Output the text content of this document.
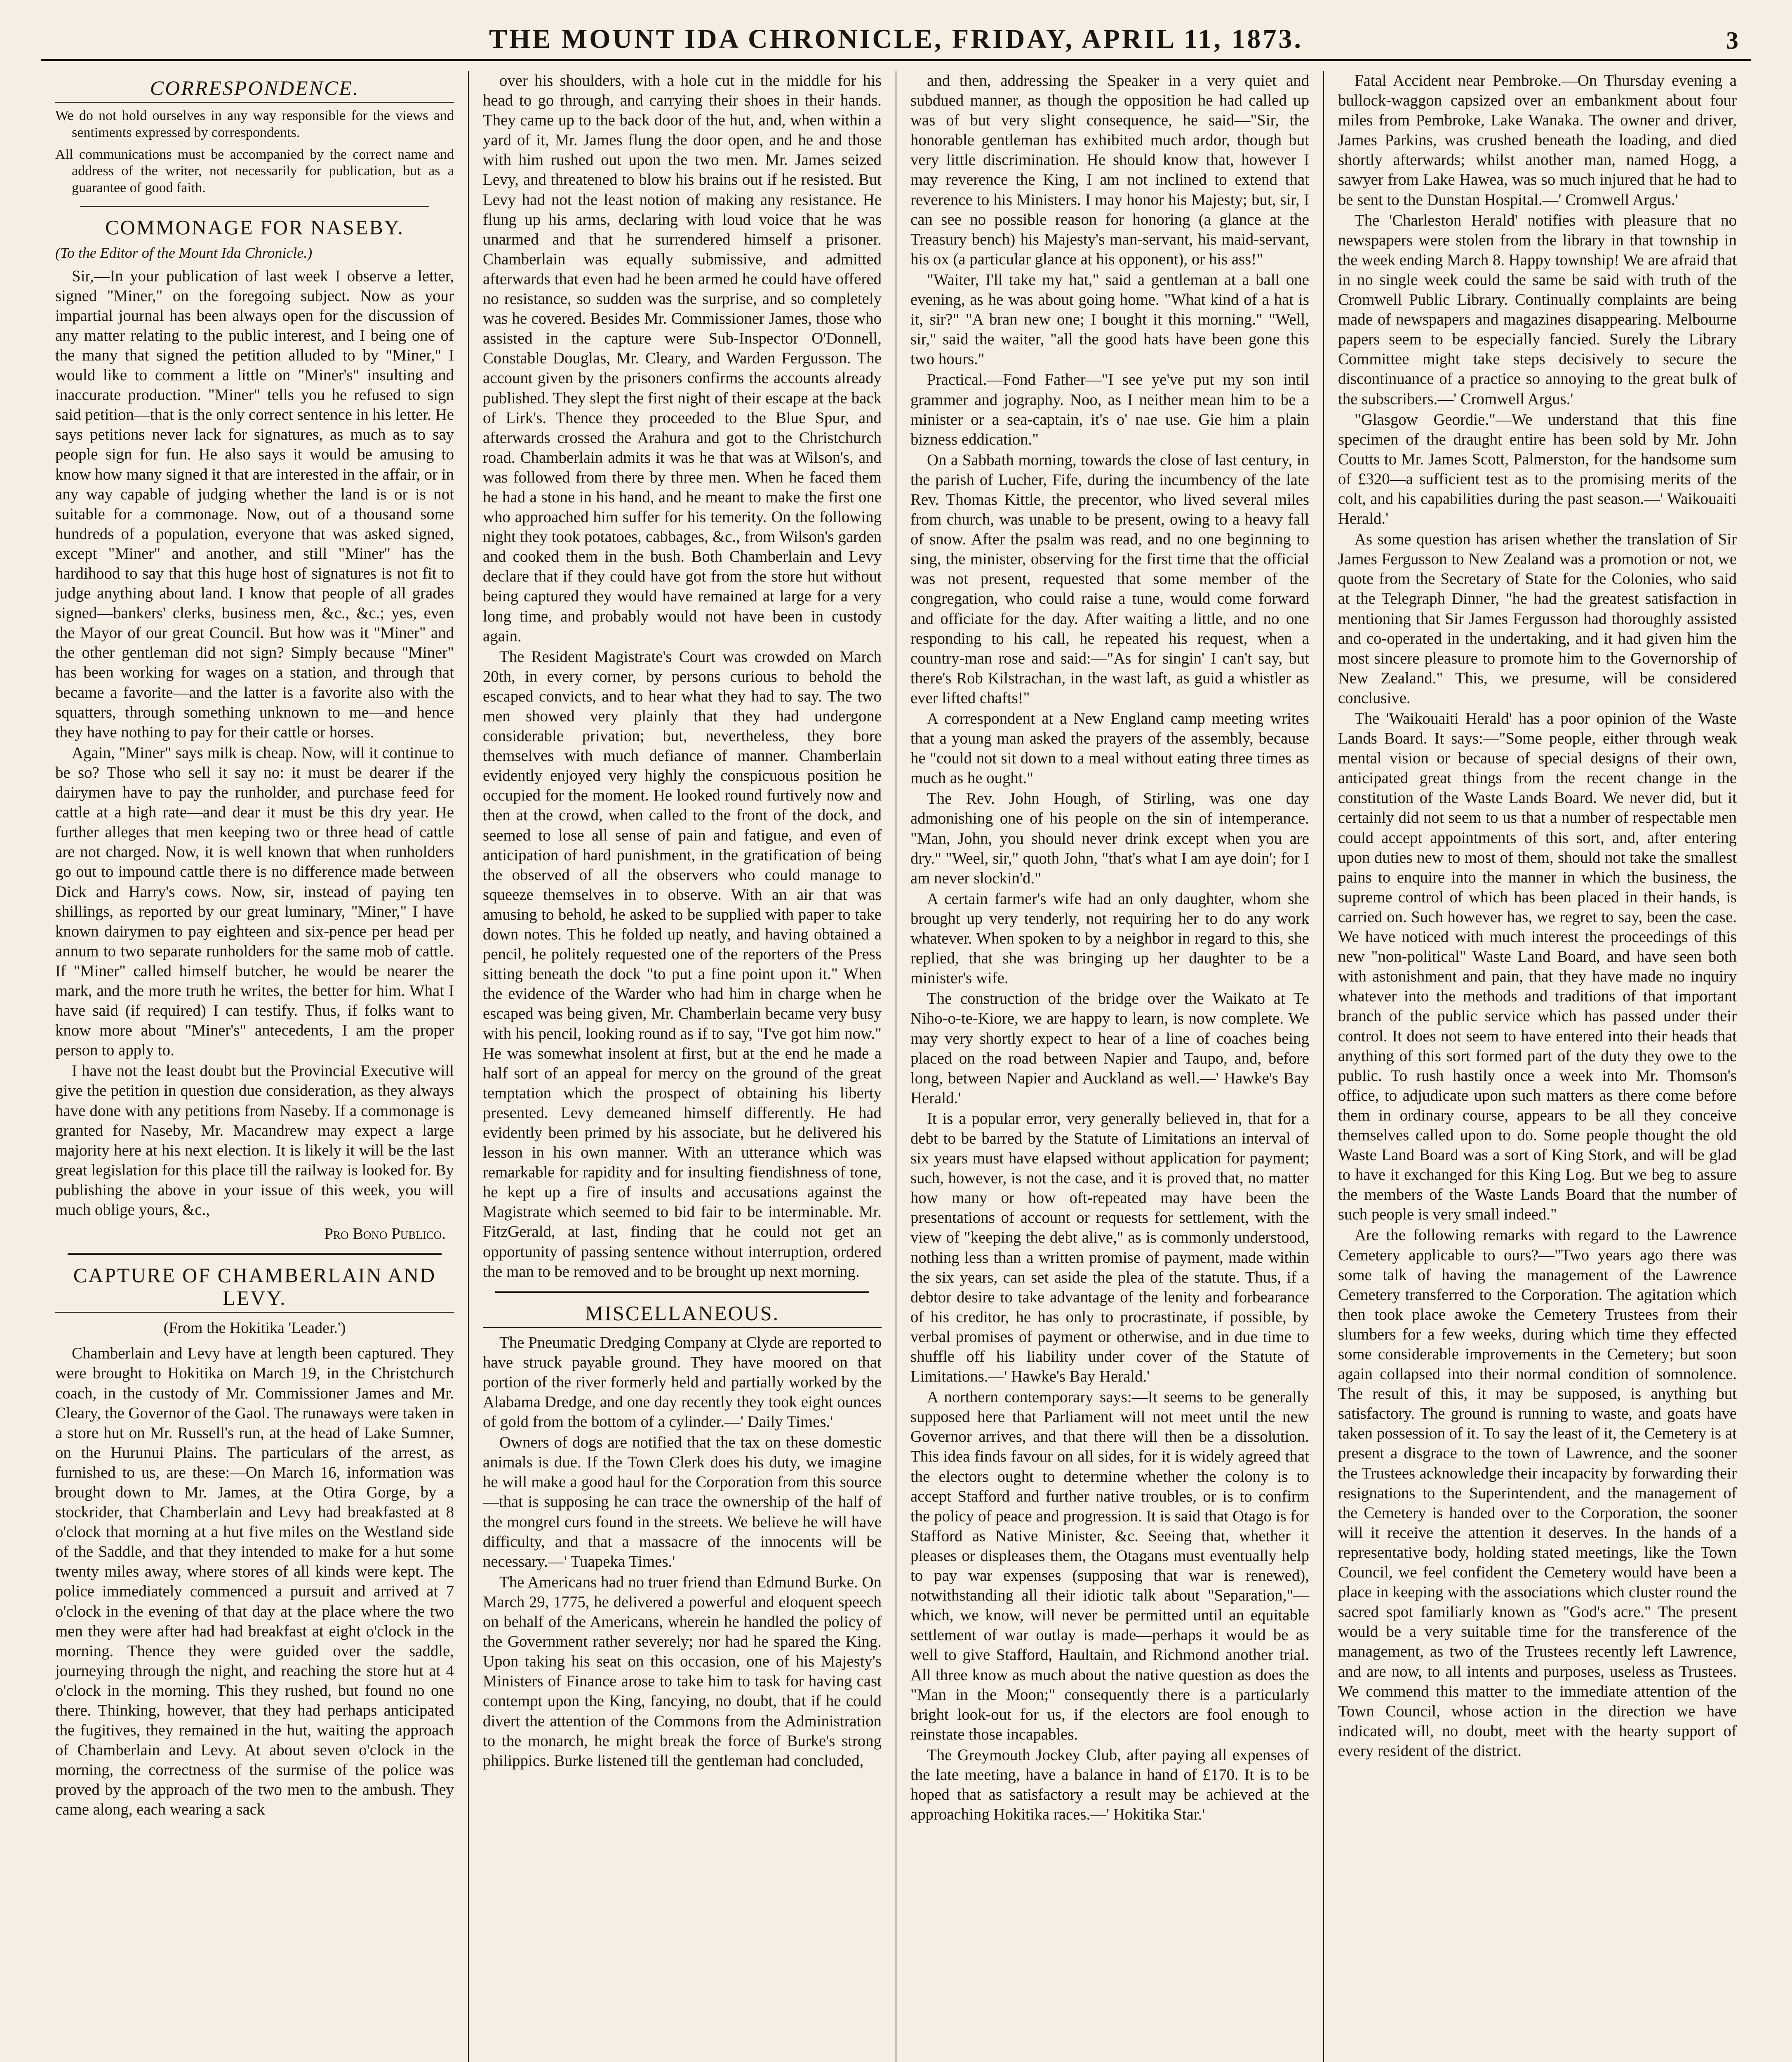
THE MOUNT IDA CHRONICLE, FRIDAY, APRIL 11, 1873.	3
CORRESPONDENCE.

We do not hold ourselves in any way responsible for the views and sentiments expressed by correspondents.

All communications must be accompanied by the correct name and address of the writer, not necessarily for publication, but as a guarantee of good faith.

COMMONAGE FOR NASEBY.

(To the Editor of the Mount Ida Chronicle.)

Sir,—In your publication of last week I observe a letter, signed "Miner," on the foregoing subject. Now as your impartial journal has been always open for the discussion of any matter relating to the public interest, and I being one of the many that signed the petition alluded to by "Miner," I would like to comment a little on "Miner's" insulting and inaccurate production. "Miner" tells you he refused to sign said petition—that is the only correct sentence in his letter. He says petitions never lack for signatures, as much as to say people sign for fun. He also says it would be amusing to know how many signed it that are interested in the affair, or in any way capable of judging whether the land is or is not suitable for a commonage. Now, out of a thousand some hundreds of a population, everyone that was asked signed, except "Miner" and another, and still "Miner" has the hardihood to say that this huge host of signatures is not fit to judge anything about land. I know that people of all grades signed—bankers' clerks, business men, &c., &c.; yes, even the Mayor of our great Council. But how was it "Miner" and the other gentleman did not sign? Simply because "Miner" has been working for wages on a station, and through that became a favorite—and the latter is a favorite also with the squatters, through something unknown to me—and hence they have nothing to pay for their cattle or horses.

Again, "Miner" says milk is cheap. Now, will it continue to be so? Those who sell it say no: it must be dearer if the dairymen have to pay the runholder, and purchase feed for cattle at a high rate—and dear it must be this dry year. He further alleges that men keeping two or three head of cattle are not charged. Now, it is well known that when runholders go out to impound cattle there is no difference made between Dick and Harry's cows. Now, sir, instead of paying ten shillings, as reported by our great luminary, "Miner," I have known dairymen to pay eighteen and six-pence per head per annum to two separate runholders for the same mob of cattle. If "Miner" called himself butcher, he would be nearer the mark, and the more truth he writes, the better for him. What I have said (if required) I can testify. Thus, if folks want to know more about "Miner's" antecedents, I am the proper person to apply to.

I have not the least doubt but the Provincial Executive will give the petition in question due consideration, as they always have done with any petitions from Naseby. If a commonage is granted for Naseby, Mr. Macandrew may expect a large majority here at his next election. It is likely it will be the last great legislation for this place till the railway is looked for. By publishing the above in your issue of this week, you will much oblige yours, &c.,

Pro Bono Publico.

CAPTURE OF CHAMBERLAIN AND LEVY.

(From the Hokitika 'Leader.')

Chamberlain and Levy have at length been captured. They were brought to Hokitika on March 19, in the Christchurch coach, in the custody of Mr. Commissioner James and Mr. Cleary, the Governor of the Gaol. The runaways were taken in a store hut on Mr. Russell's run, at the head of Lake Sumner, on the Hurunui Plains. The particulars of the arrest, as furnished to us, are these:—On March 16, information was brought down to Mr. James, at the Otira Gorge, by a stockrider, that Chamberlain and Levy had breakfasted at 8 o'clock that morning at a hut five miles on the Westland side of the Saddle, and that they intended to make for a hut some twenty miles away, where stores of all kinds were kept. The police immediately commenced a pursuit and arrived at 7 o'clock in the evening of that day at the place where the two men they were after had had breakfast at eight o'clock in the morning. Thence they were guided over the saddle, journeying through the night, and reaching the store hut at 4 o'clock in the morning. This they rushed, but found no one there. Thinking, however, that they had perhaps anticipated the fugitives, they remained in the hut, waiting the approach of Chamberlain and Levy. At about seven o'clock in the morning, the correctness of the surmise of the police was proved by the approach of the two men to the ambush. They came along, each wearing a sack

over his shoulders, with a hole cut in the middle for his head to go through, and carrying their shoes in their hands. They came up to the back door of the hut, and, when within a yard of it, Mr. James flung the door open, and he and those with him rushed out upon the two men. Mr. James seized Levy, and threatened to blow his brains out if he resisted. But Levy had not the least notion of making any resistance. He flung up his arms, declaring with loud voice that he was unarmed and that he surrendered himself a prisoner. Chamberlain was equally submissive, and admitted afterwards that even had he been armed he could have offered no resistance, so sudden was the surprise, and so completely was he covered. Besides Mr. Commissioner James, those who assisted in the capture were Sub-Inspector O'Donnell, Constable Douglas, Mr. Cleary, and Warden Fergusson. The account given by the prisoners confirms the accounts already published. They slept the first night of their escape at the back of Lirk's. Thence they proceeded to the Blue Spur, and afterwards crossed the Arahura and got to the Christchurch road. Chamberlain admits it was he that was at Wilson's, and was followed from there by three men. When he faced them he had a stone in his hand, and he meant to make the first one who approached him suffer for his temerity. On the following night they took potatoes, cabbages, &c., from Wilson's garden and cooked them in the bush. Both Chamberlain and Levy declare that if they could have got from the store hut without being captured they would have remained at large for a very long time, and probably would not have been in custody again.

The Resident Magistrate's Court was crowded on March 20th, in every corner, by persons curious to behold the escaped convicts, and to hear what they had to say. The two men showed very plainly that they had undergone considerable privation; but, nevertheless, they bore themselves with much defiance of manner. Chamberlain evidently enjoyed very highly the conspicuous position he occupied for the moment. He looked round furtively now and then at the crowd, when called to the front of the dock, and seemed to lose all sense of pain and fatigue, and even of anticipation of hard punishment, in the gratification of being the observed of all the observers who could manage to squeeze themselves in to observe. With an air that was amusing to behold, he asked to be supplied with paper to take down notes. This he folded up neatly, and having obtained a pencil, he politely requested one of the reporters of the Press sitting beneath the dock "to put a fine point upon it." When the evidence of the Warder who had him in charge when he escaped was being given, Mr. Chamberlain became very busy with his pencil, looking round as if to say, "I've got him now." He was somewhat insolent at first, but at the end he made a half sort of an appeal for mercy on the ground of the great temptation which the prospect of obtaining his liberty presented. Levy demeaned himself differently. He had evidently been primed by his associate, but he delivered his lesson in his own manner. With an utterance which was remarkable for rapidity and for insulting fiendishness of tone, he kept up a fire of insults and accusations against the Magistrate which seemed to bid fair to be interminable. Mr. FitzGerald, at last, finding that he could not get an opportunity of passing sentence without interruption, ordered the man to be removed and to be brought up next morning.

MISCELLANEOUS.

The Pneumatic Dredging Company at Clyde are reported to have struck payable ground. They have moored on that portion of the river formerly held and partially worked by the Alabama Dredge, and one day recently they took eight ounces of gold from the bottom of a cylinder.—' Daily Times.'

Owners of dogs are notified that the tax on these domestic animals is due. If the Town Clerk does his duty, we imagine he will make a good haul for the Corporation from this source—that is supposing he can trace the ownership of the half of the mongrel curs found in the streets. We believe he will have difficulty, and that a massacre of the innocents will be necessary.—' Tuapeka Times.'

The Americans had no truer friend than Edmund Burke. On March 29, 1775, he delivered a powerful and eloquent speech on behalf of the Americans, wherein he handled the policy of the Government rather severely; nor had he spared the King. Upon taking his seat on this occasion, one of his Majesty's Ministers of Finance arose to take him to task for having cast contempt upon the King, fancying, no doubt, that if he could divert the attention of the Commons from the Administration to the monarch, he might break the force of Burke's strong philippics. Burke listened till the gentleman had concluded,

and then, addressing the Speaker in a very quiet and subdued manner, as though the opposition he had called up was of but very slight consequence, he said—"Sir, the honorable gentleman has exhibited much ardor, though but very little discrimination. He should know that, however I may reverence the King, I am not inclined to extend that reverence to his Ministers. I may honor his Majesty; but, sir, I can see no possible reason for honoring (a glance at the Treasury bench) his Majesty's man-servant, his maid-servant, his ox (a particular glance at his opponent), or his ass!"

"Waiter, I'll take my hat," said a gentleman at a ball one evening, as he was about going home. "What kind of a hat is it, sir?" "A bran new one; I bought it this morning." "Well, sir," said the waiter, "all the good hats have been gone this two hours."

Practical.—Fond Father—"I see ye've put my son intil grammer and jography. Noo, as I neither mean him to be a minister or a sea-captain, it's o' nae use. Gie him a plain bizness eddication."

On a Sabbath morning, towards the close of last century, in the parish of Lucher, Fife, during the incumbency of the late Rev. Thomas Kittle, the precentor, who lived several miles from church, was unable to be present, owing to a heavy fall of snow. After the psalm was read, and no one beginning to sing, the minister, observing for the first time that the official was not present, requested that some member of the congregation, who could raise a tune, would come forward and officiate for the day. After waiting a little, and no one responding to his call, he repeated his request, when a country-man rose and said:—"As for singin' I can't say, but there's Rob Kilstrachan, in the wast laft, as guid a whistler as ever lifted chafts!"

A correspondent at a New England camp meeting writes that a young man asked the prayers of the assembly, because he "could not sit down to a meal without eating three times as much as he ought."

The Rev. John Hough, of Stirling, was one day admonishing one of his people on the sin of intemperance. "Man, John, you should never drink except when you are dry." "Weel, sir," quoth John, "that's what I am aye doin'; for I am never slockin'd."

A certain farmer's wife had an only daughter, whom she brought up very tenderly, not requiring her to do any work whatever. When spoken to by a neighbor in regard to this, she replied, that she was bringing up her daughter to be a minister's wife.

The construction of the bridge over the Waikato at Te Niho-o-te-Kiore, we are happy to learn, is now complete. We may very shortly expect to hear of a line of coaches being placed on the road between Napier and Taupo, and, before long, between Napier and Auckland as well.—' Hawke's Bay Herald.'

It is a popular error, very generally believed in, that for a debt to be barred by the Statute of Limitations an interval of six years must have elapsed without application for payment; such, however, is not the case, and it is proved that, no matter how many or how oft-repeated may have been the presentations of account or requests for settlement, with the view of "keeping the debt alive," as is commonly understood, nothing less than a written promise of payment, made within the six years, can set aside the plea of the statute. Thus, if a debtor desire to take advantage of the lenity and forbearance of his creditor, he has only to procrastinate, if possible, by verbal promises of payment or otherwise, and in due time to shuffle off his liability under cover of the Statute of Limitations.—' Hawke's Bay Herald.'

A northern contemporary says:—It seems to be generally supposed here that Parliament will not meet until the new Governor arrives, and that there will then be a dissolution. This idea finds favour on all sides, for it is widely agreed that the electors ought to determine whether the colony is to accept Stafford and further native troubles, or is to confirm the policy of peace and progression. It is said that Otago is for Stafford as Native Minister, &c. Seeing that, whether it pleases or displeases them, the Otagans must eventually help to pay war expenses (supposing that war is renewed), notwithstanding all their idiotic talk about "Separation,"—which, we know, will never be permitted until an equitable settlement of war outlay is made—perhaps it would be as well to give Stafford, Haultain, and Richmond another trial. All three know as much about the native question as does the "Man in the Moon;" consequently there is a particularly bright look-out for us, if the electors are fool enough to reinstate those incapables.

The Greymouth Jockey Club, after paying all expenses of the late meeting, have a balance in hand of £170. It is to be hoped that as satisfactory a result may be achieved at the approaching Hokitika races.—' Hokitika Star.'

Fatal Accident near Pembroke.—On Thursday evening a bullock-waggon capsized over an embankment about four miles from Pembroke, Lake Wanaka. The owner and driver, James Parkins, was crushed beneath the loading, and died shortly afterwards; whilst another man, named Hogg, a sawyer from Lake Hawea, was so much injured that he had to be sent to the Dunstan Hospital.—' Cromwell Argus.'

The 'Charleston Herald' notifies with pleasure that no newspapers were stolen from the library in that township in the week ending March 8. Happy township! We are afraid that in no single week could the same be said with truth of the Cromwell Public Library. Continually complaints are being made of newspapers and magazines disappearing. Melbourne papers seem to be especially fancied. Surely the Library Committee might take steps decisively to secure the discontinuance of a practice so annoying to the great bulk of the subscribers.—' Cromwell Argus.'

"Glasgow Geordie."—We understand that this fine specimen of the draught entire has been sold by Mr. John Coutts to Mr. James Scott, Palmerston, for the handsome sum of £320—a sufficient test as to the promising merits of the colt, and his capabilities during the past season.—' Waikouaiti Herald.'

As some question has arisen whether the translation of Sir James Fergusson to New Zealand was a promotion or not, we quote from the Secretary of State for the Colonies, who said at the Telegraph Dinner, "he had the greatest satisfaction in mentioning that Sir James Fergusson had thoroughly assisted and co-operated in the undertaking, and it had given him the most sincere pleasure to promote him to the Governorship of New Zealand." This, we presume, will be considered conclusive.

The 'Waikouaiti Herald' has a poor opinion of the Waste Lands Board. It says:—"Some people, either through weak mental vision or because of special designs of their own, anticipated great things from the recent change in the constitution of the Waste Lands Board. We never did, but it certainly did not seem to us that a number of respectable men could accept appointments of this sort, and, after entering upon duties new to most of them, should not take the smallest pains to enquire into the manner in which the business, the supreme control of which has been placed in their hands, is carried on. Such however has, we regret to say, been the case. We have noticed with much interest the proceedings of this new "non-political" Waste Land Board, and have seen both with astonishment and pain, that they have made no inquiry whatever into the methods and traditions of that important branch of the public service which has passed under their control. It does not seem to have entered into their heads that anything of this sort formed part of the duty they owe to the public. To rush hastily once a week into Mr. Thomson's office, to adjudicate upon such matters as there come before them in ordinary course, appears to be all they conceive themselves called upon to do. Some people thought the old Waste Land Board was a sort of King Stork, and will be glad to have it exchanged for this King Log. But we beg to assure the members of the Waste Lands Board that the number of such people is very small indeed."

Are the following remarks with regard to the Lawrence Cemetery applicable to ours?—"Two years ago there was some talk of having the management of the Lawrence Cemetery transferred to the Corporation. The agitation which then took place awoke the Cemetery Trustees from their slumbers for a few weeks, during which time they effected some considerable improvements in the Cemetery; but soon again collapsed into their normal condition of somnolence. The result of this, it may be supposed, is anything but satisfactory. The ground is running to waste, and goats have taken possession of it. To say the least of it, the Cemetery is at present a disgrace to the town of Lawrence, and the sooner the Trustees acknowledge their incapacity by forwarding their resignations to the Superintendent, and the management of the Cemetery is handed over to the Corporation, the sooner will it receive the attention it deserves. In the hands of a representative body, holding stated meetings, like the Town Council, we feel confident the Cemetery would have been a place in keeping with the associations which cluster round the sacred spot familiarly known as "God's acre." The present would be a very suitable time for the transference of the management, as two of the Trustees recently left Lawrence, and are now, to all intents and purposes, useless as Trustees. We commend this matter to the immediate attention of the Town Council, whose action in the direction we have indicated will, no doubt, meet with the hearty support of every resident of the district.
